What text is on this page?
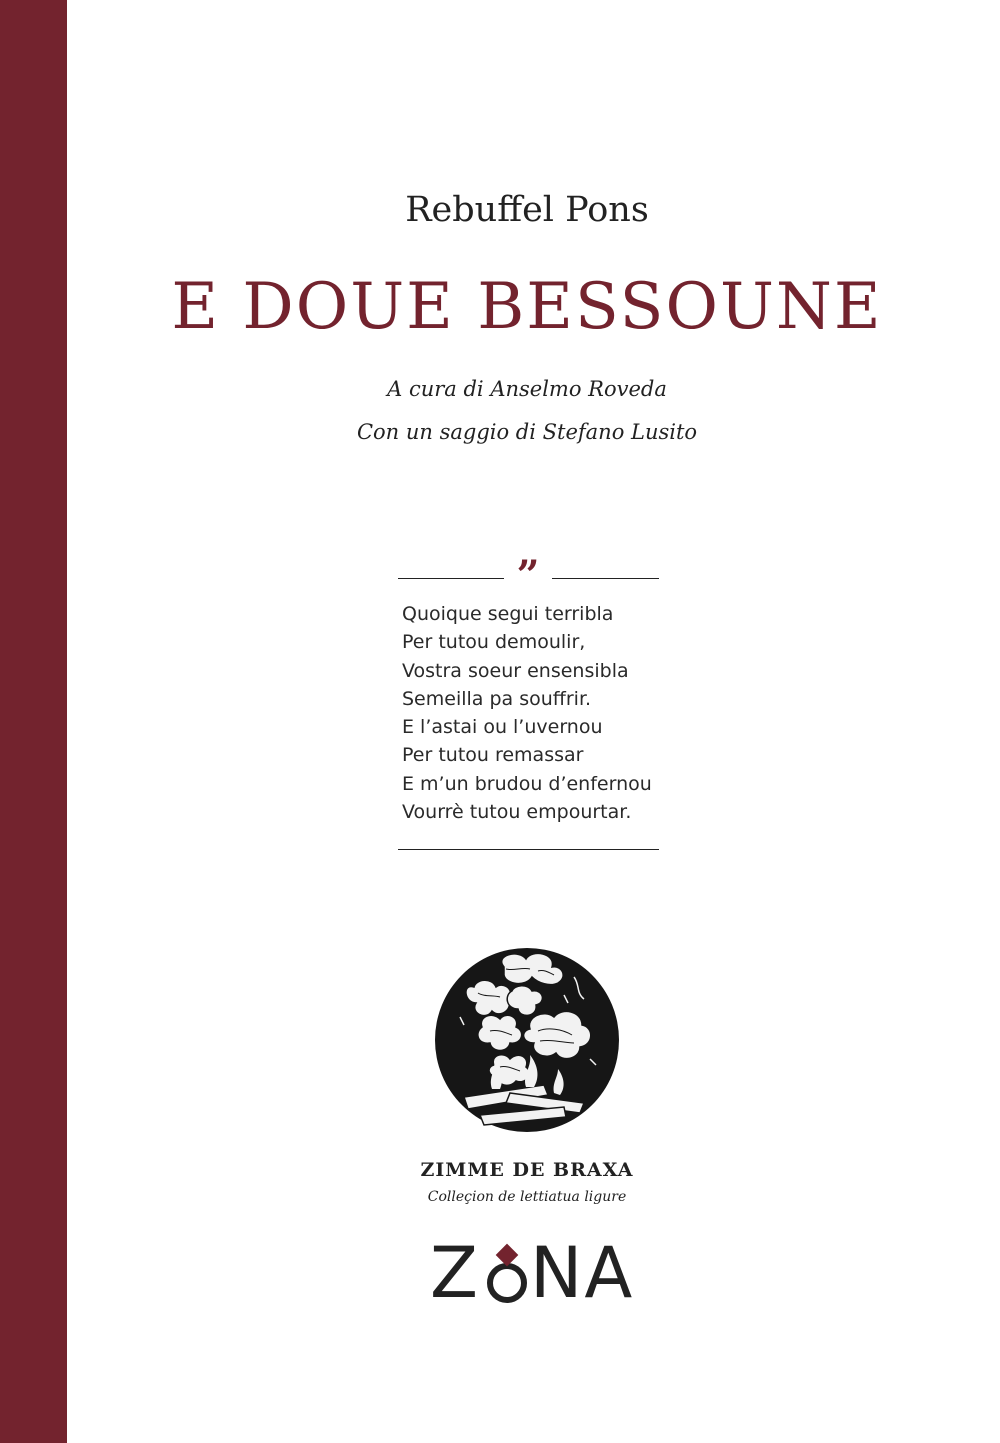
Rebuffel Pons
E DOUE BESSOUNE
A cura di Anselmo Roveda
Con un saggio di Stefano Lusito
”
Quoique segui terribla
Per tutou demoulir,
Vostra soeur ensensibla
Semeilla pa souffrir.
E l’astai ou l’uvernou
Per tutou remassar
E m’un brudou d’enfernou
Vourrè tutou empourtar.
ZIMME DE BRAXA
Colleçion de lettiatua ligure
Z NA
